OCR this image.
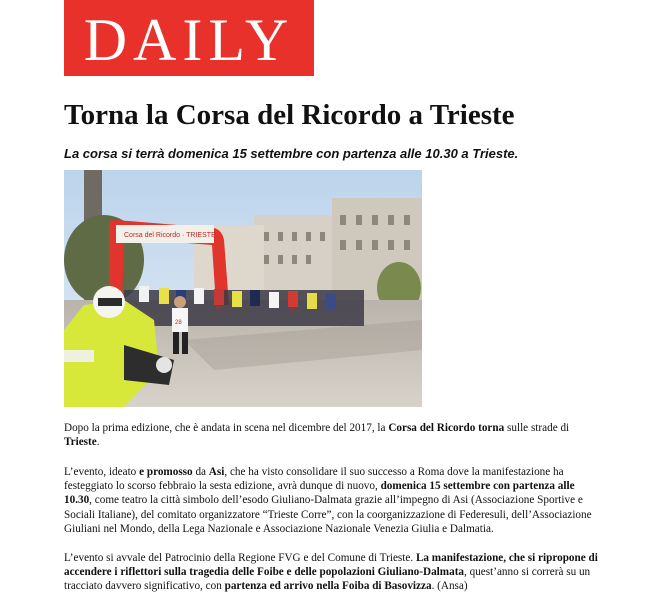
DAILY
Torna la Corsa del Ricordo a Trieste

La corsa si terrà domenica 15 settembre con partenza alle 10.30 a Trieste.

Corsa del Ricordo · TRIESTE
28
51	43

Dopo la prima edizione, che è andata in scena nel dicembre del 2017, la Corsa del Ricordo torna sulle strade di Trieste.

L’evento, ideato e promosso da Asi, che ha visto consolidare il suo successo a Roma dove la manifestazione ha festeggiato lo scorso febbraio la sesta edizione, avrà dunque di nuovo, domenica 15 settembre con partenza alle 10.30, come teatro la città simbolo dell’esodo Giuliano-Dalmata grazie all’impegno di Asi (Associazione Sportive e Sociali Italiane), del comitato organizzatore “Trieste Corre”, con la coorganizzazione di Federesuli, dell’Associazione Giuliani nel Mondo, della Lega Nazionale e Associazione Nazionale Venezia Giulia e Dalmatia.

L’evento si avvale del Patrocinio della Regione FVG e del Comune di Trieste. La manifestazione, che si ripropone di accendere i riflettori sulla tragedia delle Foibe e delle popolazioni Giuliano-Dalmata, quest’anno si correrà su un tracciato davvero significativo, con partenza ed arrivo nella Foiba di Basovizza. (Ansa)
